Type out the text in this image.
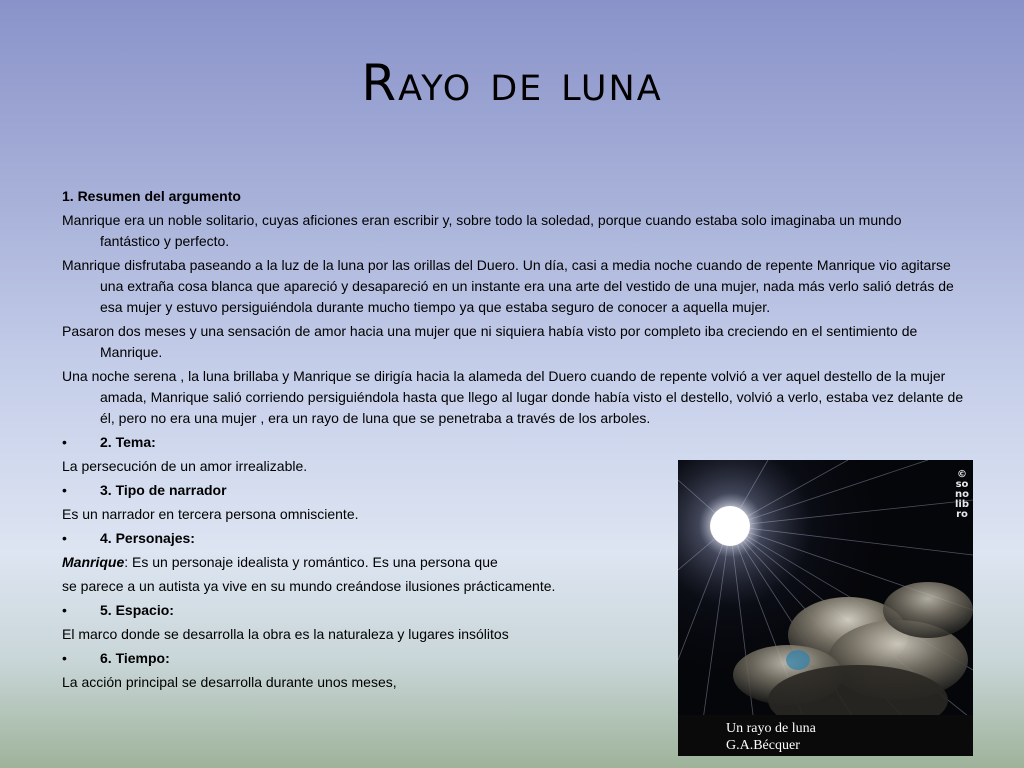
Rayo de luna
1. Resumen del argumento
Manrique era un noble solitario, cuyas aficiones eran escribir y, sobre todo la soledad, porque cuando estaba solo imaginaba un mundo fantástico y perfecto.
Manrique disfrutaba paseando a la luz de la luna por las orillas del Duero. Un día, casi a media noche cuando de repente Manrique vio agitarse una extraña cosa blanca que apareció y desapareció en un instante era una arte del vestido de una mujer, nada más verlo salió detrás de esa mujer y estuvo persiguiéndola durante mucho tiempo ya que estaba seguro de conocer a aquella mujer.
Pasaron dos meses y una sensación de amor hacia una mujer que ni siquiera había visto por completo iba creciendo en el sentimiento de Manrique.
Una noche serena , la luna brillaba y Manrique se dirigía hacia la alameda del Duero cuando de repente volvió a ver aquel destello de la mujer amada, Manrique salió corriendo persiguiéndola hasta que llego al lugar donde había visto el destello, volvió a verlo, estaba vez delante de él, pero no era una mujer , era un rayo de luna que se penetraba a través de los arboles.
• 2. Tema:
La persecución de un amor irrealizable.
• 3. Tipo de narrador
Es un narrador en tercera persona omnisciente.
• 4. Personajes:
Manrique: Es un personaje idealista y romántico. Es una persona que
se parece a un autista ya vive en su mundo creándose ilusiones prácticamente.
• 5. Espacio:
El marco donde se desarrolla la obra es la naturaleza y lugares insólitos
• 6. Tiempo:
La acción principal se desarrolla durante unos meses,
©sonolibro
Un rayo de luna
G.A.Bécquer
